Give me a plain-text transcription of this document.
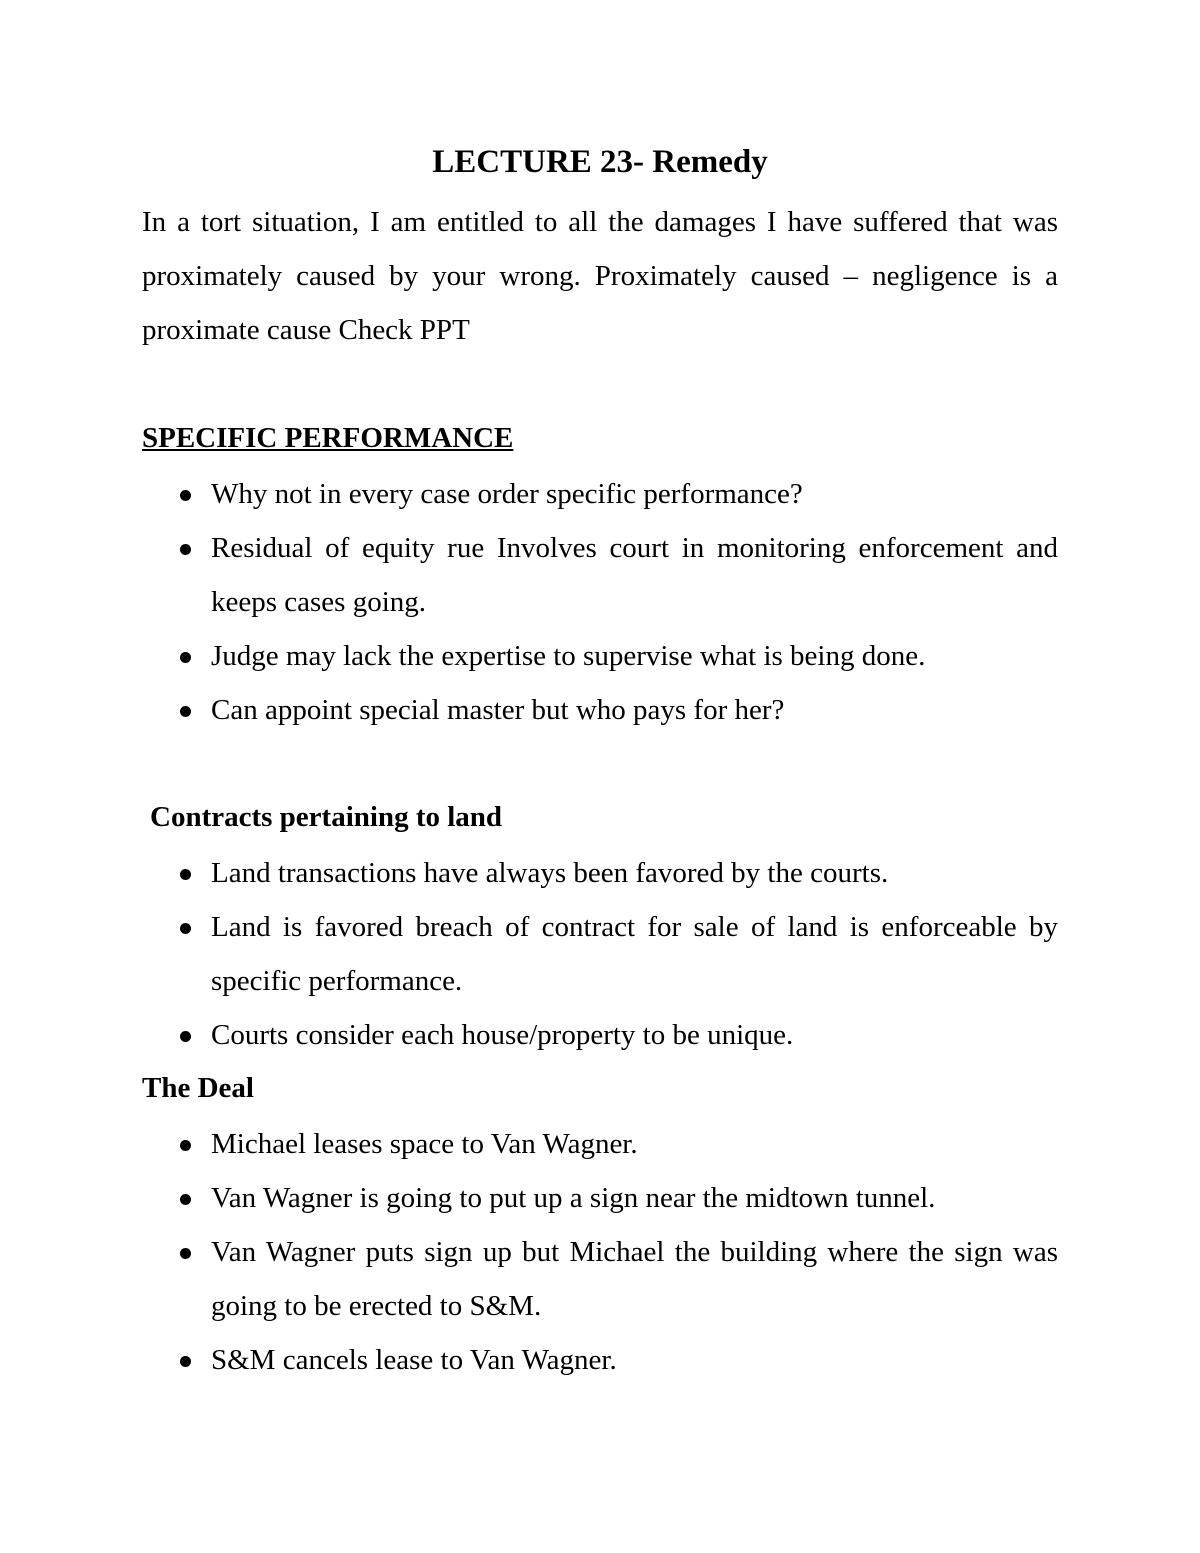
LECTURE 23- Remedy
In a tort situation, I am entitled to all the damages I have suffered that was proximately caused by your wrong. Proximately caused – negligence is a proximate cause Check PPT
SPECIFIC PERFORMANCE
Why not in every case order specific performance?
Residual of equity rue Involves court in monitoring enforcement and keeps cases going.
Judge may lack the expertise to supervise what is being done.
Can appoint special master but who pays for her?
Contracts pertaining to land
Land transactions have always been favored by the courts.
Land is favored breach of contract for sale of land is enforceable by specific performance.
Courts consider each house/property to be unique.
The Deal
Michael leases space to Van Wagner.
Van Wagner is going to put up a sign near the midtown tunnel.
Van Wagner puts sign up but Michael the building where the sign was going to be erected to S&M.
S&M cancels lease to Van Wagner.
